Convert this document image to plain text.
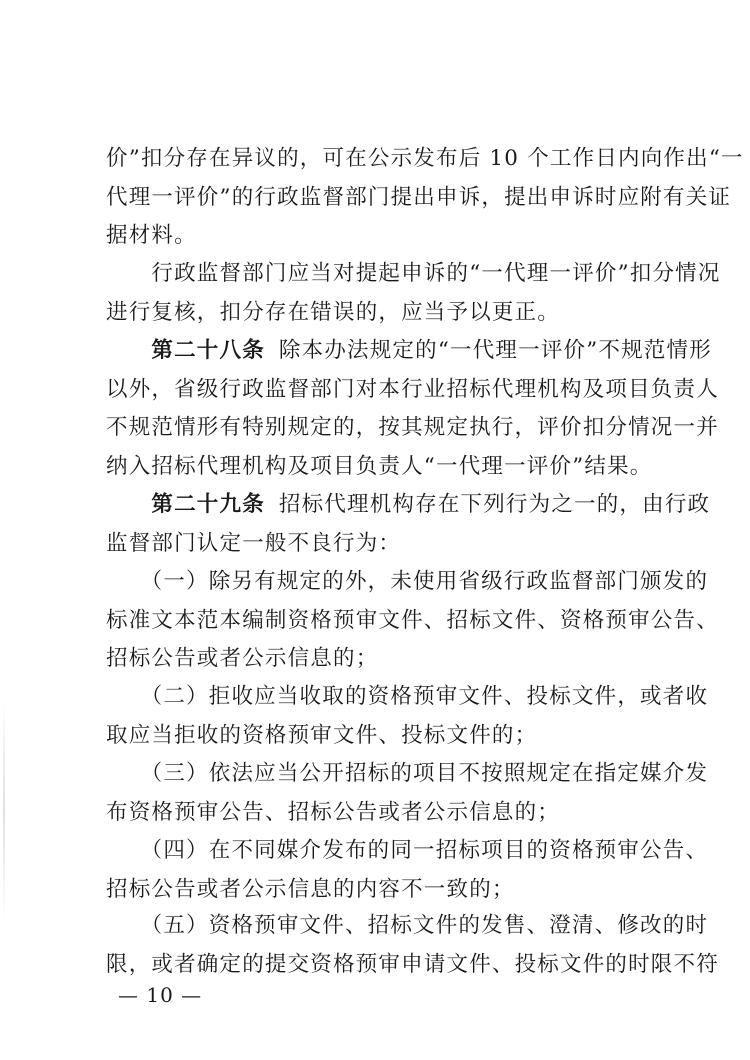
价”扣分存在异议的，可在公示发布后 10 个工作日内向作出“一
代理一评价”的行政监督部门提出申诉，提出申诉时应附有关证
据材料。
　　行政监督部门应当对提起申诉的“一代理一评价”扣分情况
进行复核，扣分存在错误的，应当予以更正。
　　第二十八条 除本办法规定的“一代理一评价”不规范情形
以外，省级行政监督部门对本行业招标代理机构及项目负责人
不规范情形有特别规定的，按其规定执行，评价扣分情况一并
纳入招标代理机构及项目负责人“一代理一评价”结果。
　　第二十九条 招标代理机构存在下列行为之一的，由行政
监督部门认定一般不良行为：
　　（一）除另有规定的外，未使用省级行政监督部门颁发的
标准文本范本编制资格预审文件、招标文件、资格预审公告、
招标公告或者公示信息的；
　　（二）拒收应当收取的资格预审文件、投标文件，或者收
取应当拒收的资格预审文件、投标文件的；
　　（三）依法应当公开招标的项目不按照规定在指定媒介发
布资格预审公告、招标公告或者公示信息的；
　　（四）在不同媒介发布的同一招标项目的资格预审公告、
招标公告或者公示信息的内容不一致的；
　　（五）资格预审文件、招标文件的发售、澄清、修改的时
限，或者确定的提交资格预审申请文件、投标文件的时限不符
— 10 —
